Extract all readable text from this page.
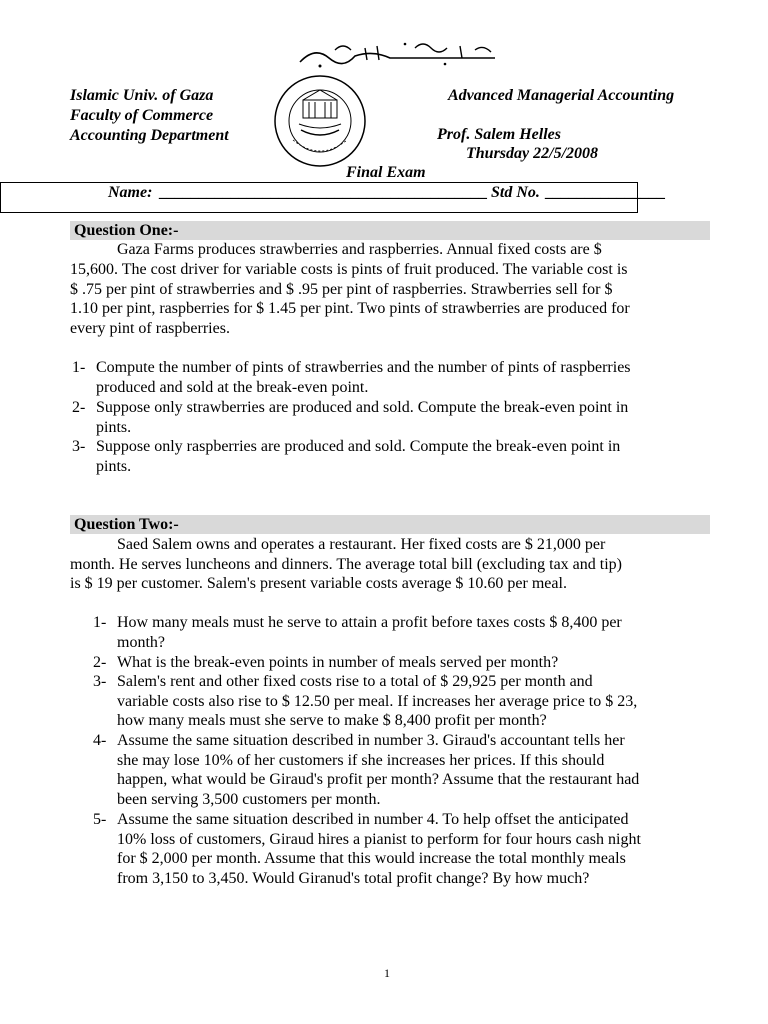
Islamic Univ. of Gaza
Faculty of Commerce
Accounting Department
Advanced Managerial Accounting
Prof. Salem Helles
Thursday 22/5/2008
Final Exam
Name: _________________________________________ Std No. _______________
Question One:-
Gaza Farms produces strawberries and raspberries. Annual fixed costs are $
15,600. The cost driver for variable costs is pints of fruit produced. The variable cost is
$ .75 per pint of strawberries and $ .95 per pint of raspberries. Strawberries sell for $
1.10 per pint, raspberries for $ 1.45 per pint. Two pints of strawberries are produced for
every pint of raspberries.
1- Compute the number of pints of strawberries and the number of pints of raspberries
produced and sold at the break-even point.
2- Suppose only strawberries are produced and sold. Compute the break-even point in
pints.
3- Suppose only raspberries are produced and sold. Compute the break-even point in
pints.
Question Two:-
Saed Salem owns and operates a restaurant. Her fixed costs are $ 21,000 per
month. He serves luncheons and dinners. The average total bill (excluding tax and tip)
is $ 19 per customer. Salem's present variable costs average $ 10.60 per meal.
1- How many meals must he serve to attain a profit before taxes costs $ 8,400 per
month?
2- What is the break-even points in number of meals served per month?
3- Salem's rent and other fixed costs rise to a total of $ 29,925 per month and
variable costs also rise to $ 12.50 per meal. If increases her average price to $ 23,
how many meals must she serve to make $ 8,400 profit per month?
4- Assume the same situation described in number 3. Giraud's accountant tells her
she may lose 10% of her customers if she increases her prices. If this should
happen, what would be Giraud's profit per month? Assume that the restaurant had
been serving 3,500 customers per month.
5- Assume the same situation described in number 4. To help offset the anticipated
10% loss of customers, Giraud hires a pianist to perform for four hours cash night
for $ 2,000 per month. Assume that this would increase the total monthly meals
from 3,150 to 3,450. Would Giranud's total profit change? By how much?
1
